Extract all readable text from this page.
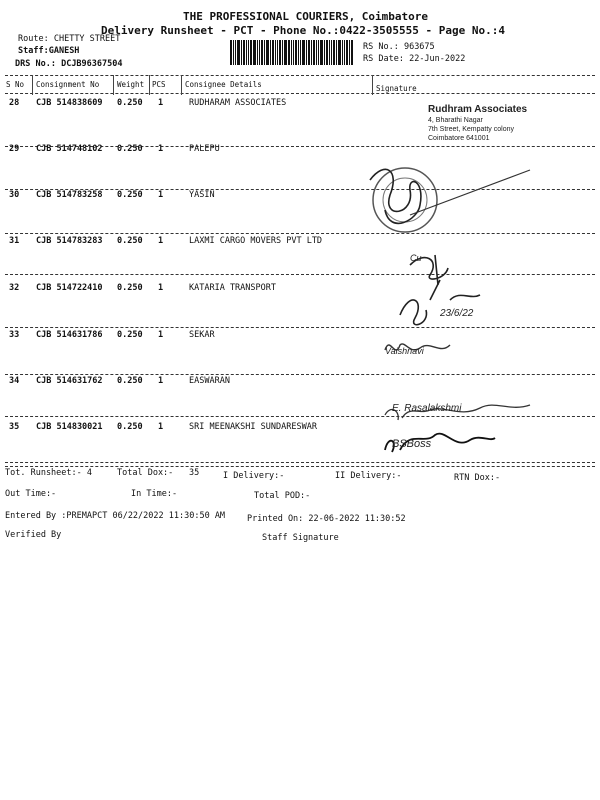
THE PROFESSIONAL COURIERS, Coimbatore
Delivery Runsheet - PCT - Phone No.:0422-3505555 - Page No.:4
Route: CHETTY STREET
Staff:GANESH
DRS No.: DCJB96367504
RS No.: 963675
RS Date: 22-Jun-2022
S No Consignment No Weight PCS	Consignee Details	Signature
28 CJB 514838609 0.250 1	RUDHARAM ASSOCIATES
29 CJB 514748102 0.250 1	PALEPU
30 CJB 514783258 0.250 1	YASIN
31 CJB 514783283 0.250 1	LAXMI CARGO MOVERS PVT LTD
32 CJB 514722410 0.250 1	KATARIA TRANSPORT
33 CJB 514631786 0.250 1	SEKAR
34 CJB 514631762 0.250 1	EASWARAN
35 CJB 514830021 0.250 1	SRI MEENAKSHI SUNDARESWAR
Rudhram Associates
4, Bharathi Nagar
7th Street, Kempatty colony
Coimbatore 641001
Cu
23/6/22
Vaishnavi
E. Rasalakshmi
BSBoss
Tot. Runsheet:- 4	Total Dox:- 35	I Delivery:-	II Delivery:-	RTN Dox:-
Out Time:-	In Time:-	Total POD:-
Entered By :PREMAPCT 06/22/2022 11:30:50 AM	Printed On: 22-06-2022 11:30:52
Verified By	Staff Signature
